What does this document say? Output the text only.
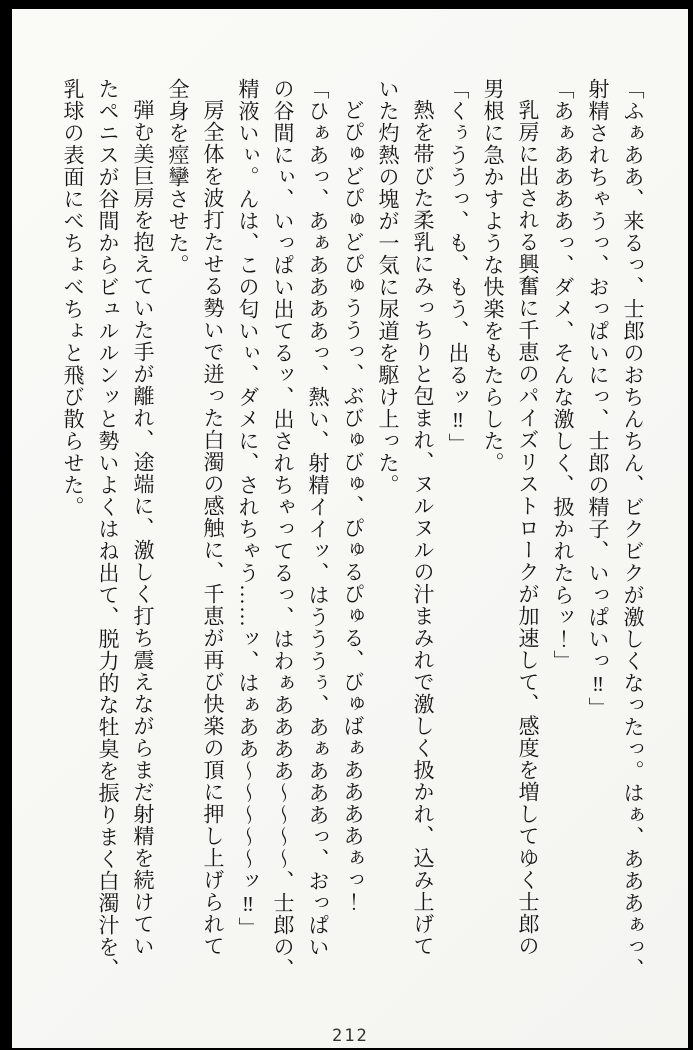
「ふぁああ、来るっ、士郎のおちんちん、ビクビクが激しくなったっ。はぁ、あああぁっ、

射精されちゃうっ、おっぱいにっ、士郎の精子、いっぱいっ‼」

「あぁああああっ、ダメ、そんな激しく、扱かれたらッ！」

乳房に出される興奮に千恵のパイズリストロークが加速して、感度を増してゆく士郎の

男根に急かすような快楽をもたらした。

「くぅううっ、も、もう、出るッ‼」

熱を帯びた柔乳にみっちりと包まれ、ヌルヌルの汁まみれで激しく扱かれ、込み上げて

いた灼熱の塊が一気に尿道を駆け上った。

どぴゅどぴゅどぴゅううっ、ぶびゅびゅ、ぴゅるぴゅる、びゅばぁああああぁっ！

「ひぁあっ、あぁああああっ、熱い、射精イイッ、はうううぅ、あぁあああっ、おっぱい

の谷間にぃ、いっぱい出てるッ、出されちゃってるっ、はわぁああああ〜〜〜〜、士郎の、

精液いぃ。んは、この匂いぃ、ダメに、されちゃう……ッ、はぁああ〜〜〜〜〜ッ‼」

房全体を波打たせる勢いで迸った白濁の感触に、千恵が再び快楽の頂に押し上げられて

全身を痙攣させた。

弾む美巨房を抱えていた手が離れ、途端に、激しく打ち震えながらまだ射精を続けてい

たペニスが谷間からビュルルンッと勢いよくはね出て、脱力的な牡臭を振りまく白濁汁を、

乳球の表面にべちょべちょと飛び散らせた。

212
